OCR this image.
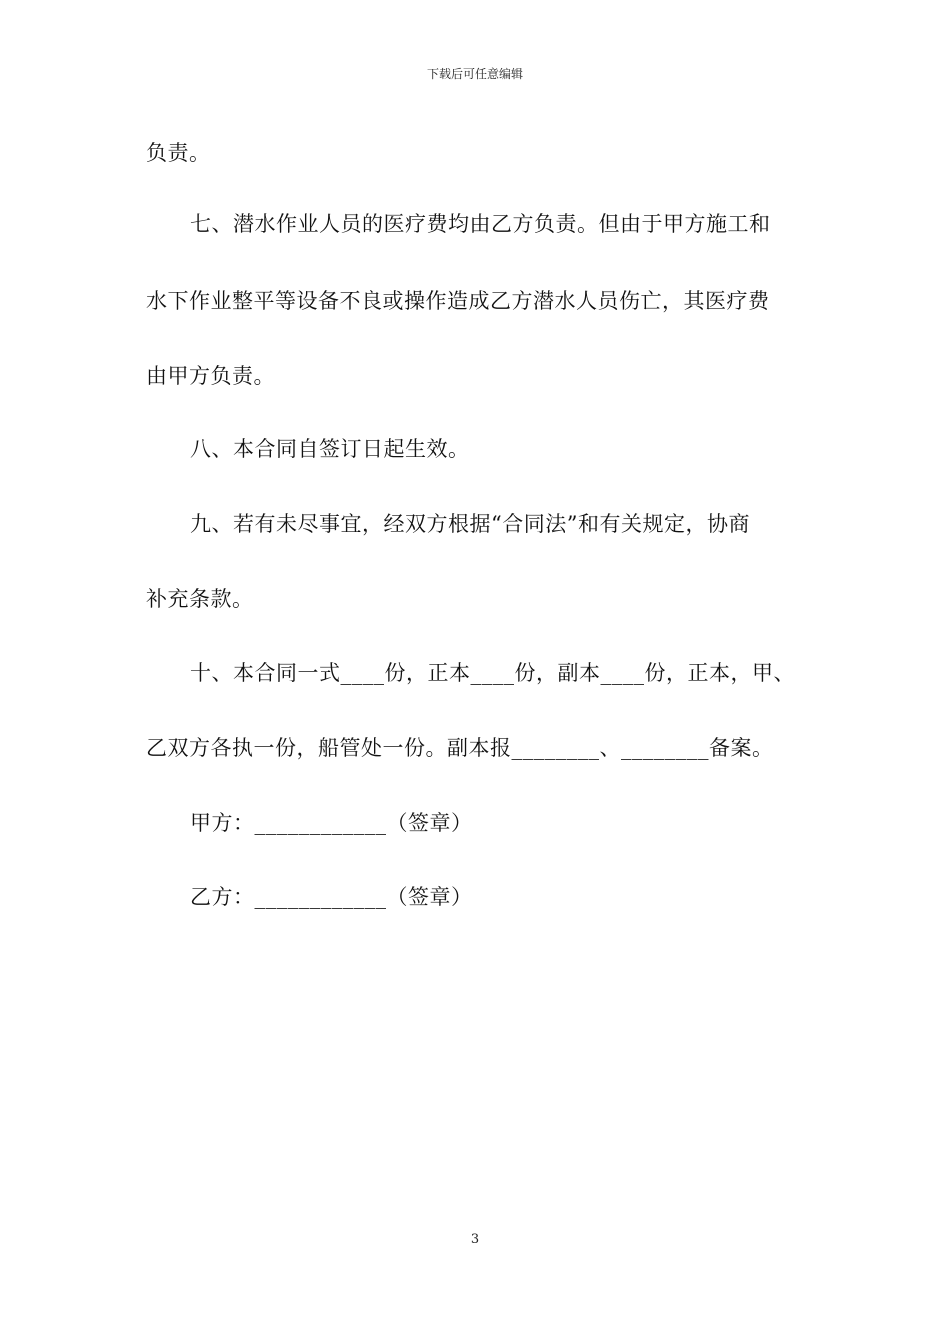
下载后可任意编辑
负责。
七、潜水作业人员的医疗费均由乙方负责。但由于甲方施工和
水下作业整平等设备不良或操作造成乙方潜水人员伤亡，其医疗费
由甲方负责。
八、本合同自签订日起生效。
九、若有未尽事宜，经双方根据“合同法”和有关规定，协商
补充条款。
十、本合同一式____份，正本____份，副本____份，正本，甲、
乙双方各执一份，船管处一份。副本报________、________备案。
甲方：____________（签章）
乙方：____________（签章）
3
